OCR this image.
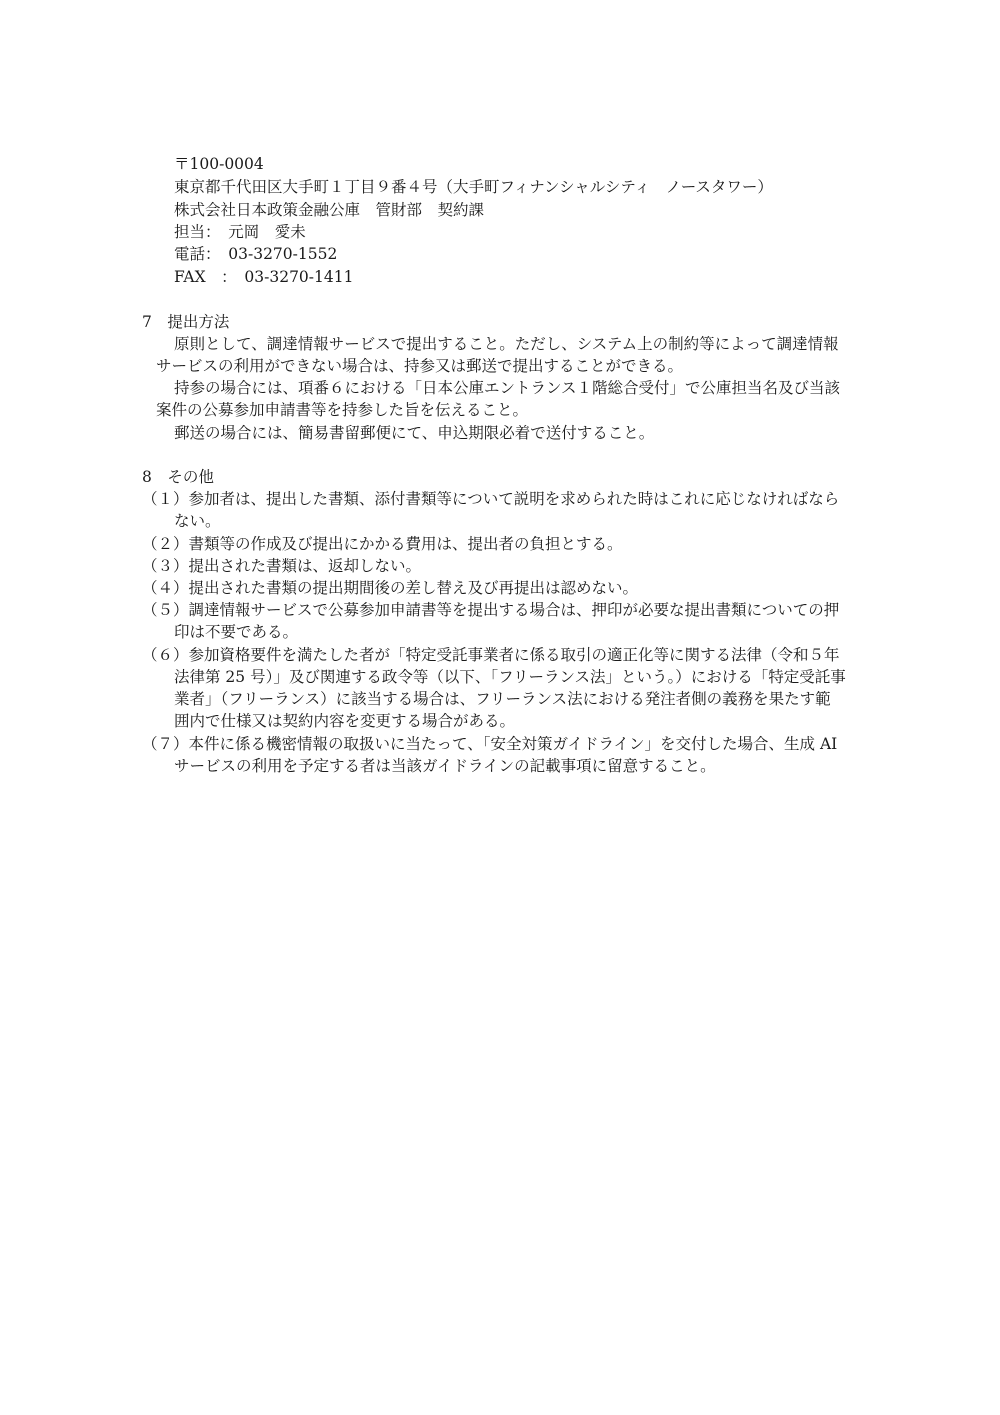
〒100-0004
東京都千代田区大手町１丁目９番４号（大手町フィナンシャルシティ　ノースタワー）
株式会社日本政策金融公庫　管財部　契約課
担当：　元岡　愛未
電話：　03-3270-1552
FAX　：　03-3270-1411
7　提出方法
原則として、調達情報サービスで提出すること。ただし、システム上の制約等によって調達情報
サービスの利用ができない場合は、持参又は郵送で提出することができる。
持参の場合には、項番６における「日本公庫エントランス１階総合受付」で公庫担当名及び当該
案件の公募参加申請書等を持参した旨を伝えること。
郵送の場合には、簡易書留郵便にて、申込期限必着で送付すること。
8　その他
（１）参加者は、提出した書類、添付書類等について説明を求められた時はこれに応じなければなら
ない。
（２）書類等の作成及び提出にかかる費用は、提出者の負担とする。
（３）提出された書類は、返却しない。
（４）提出された書類の提出期間後の差し替え及び再提出は認めない。
（５）調達情報サービスで公募参加申請書等を提出する場合は、押印が必要な提出書類についての押
印は不要である。
（６）参加資格要件を満たした者が「特定受託事業者に係る取引の適正化等に関する法律（令和５年
法律第 25 号）」及び関連する政令等（以下、「フリーランス法」という。）における「特定受託事
業者」（フリーランス）に該当する場合は、フリーランス法における発注者側の義務を果たす範
囲内で仕様又は契約内容を変更する場合がある。
（７）本件に係る機密情報の取扱いに当たって、「安全対策ガイドライン」を交付した場合、生成 AI
サービスの利用を予定する者は当該ガイドラインの記載事項に留意すること。
